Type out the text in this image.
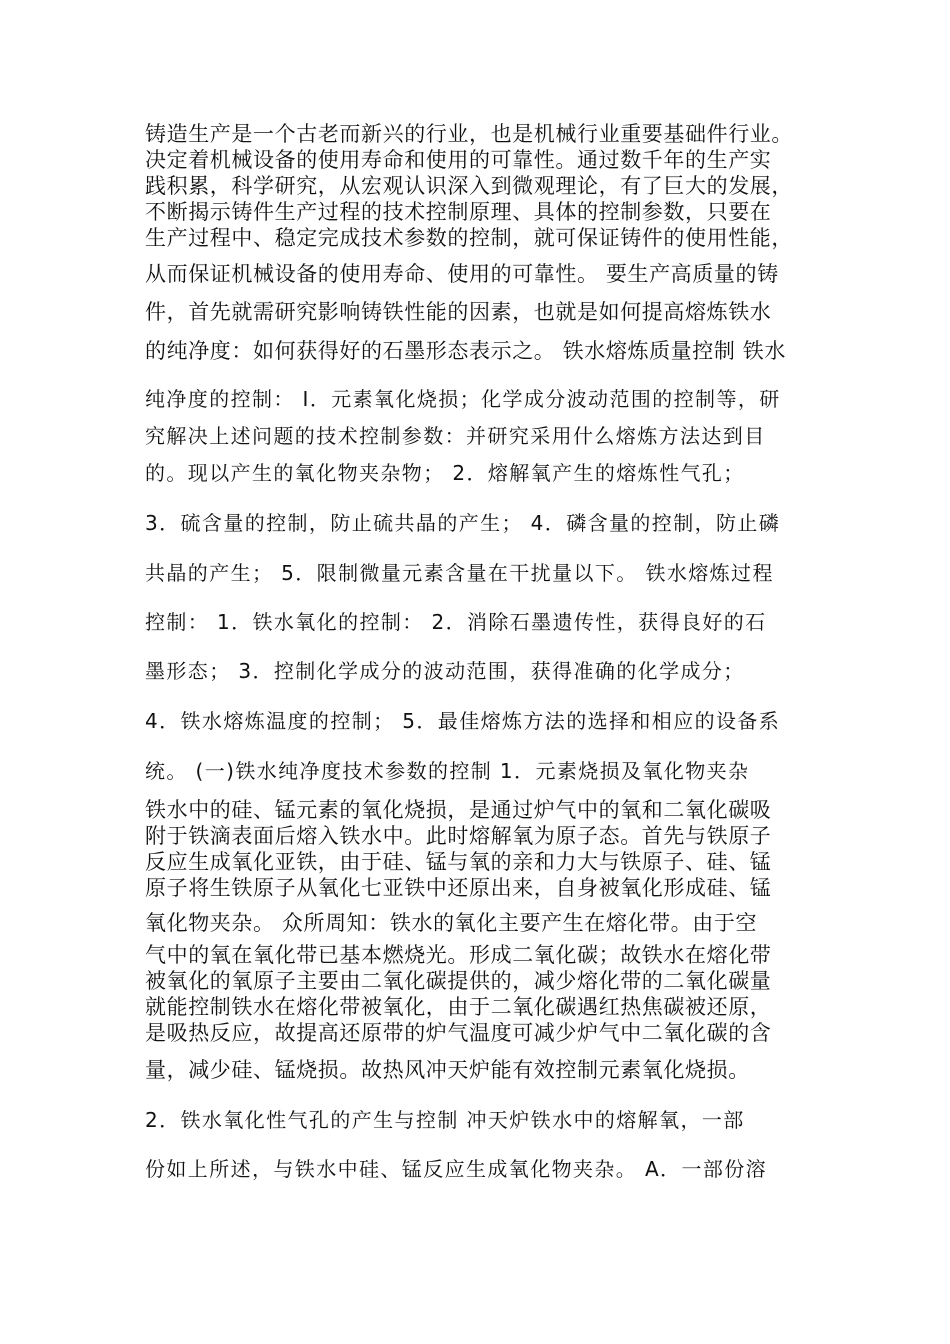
铸造生产是一个古老而新兴的行业，也是机械行业重要基础件行业。
决定着机械设备的使用寿命和使用的可靠性。通过数千年的生产实
践积累，科学研究，从宏观认识深入到微观理论，有了巨大的发展，
不断揭示铸件生产过程的技术控制原理、具体的控制参数，只要在
生产过程中、稳定完成技术参数的控制，就可保证铸件的使用性能，
从而保证机械设备的使用寿命、使用的可靠性。 要生产高质量的铸
件，首先就需研究影响铸铁性能的因素，也就是如何提高熔炼铁水
的纯净度：如何获得好的石墨形态表示之。 铁水熔炼质量控制 铁水
纯净度的控制： I．元素氧化烧损；化学成分波动范围的控制等，研
究解决上述问题的技术控制参数：并研究采用什么熔炼方法达到目
的。现以产生的氧化物夹杂物； 2．熔解氧产生的熔炼性气孔；
3．硫含量的控制，防止硫共晶的产生； 4．磷含量的控制，防止磷
共晶的产生； 5．限制微量元素含量在干扰量以下。 铁水熔炼过程
控制： 1．铁水氧化的控制： 2．消除石墨遗传性，获得良好的石
墨形态； 3．控制化学成分的波动范围，获得准确的化学成分；
4．铁水熔炼温度的控制； 5．最佳熔炼方法的选择和相应的设备系
统。 (一)铁水纯净度技术参数的控制 1．元素烧损及氧化物夹杂
铁水中的硅、锰元素的氧化烧损，是通过炉气中的氧和二氧化碳吸
附于铁滴表面后熔入铁水中。此时熔解氧为原子态。首先与铁原子
反应生成氧化亚铁，由于硅、锰与氧的亲和力大与铁原子、硅、锰
原子将生铁原子从氧化七亚铁中还原出来，自身被氧化形成硅、锰
氧化物夹杂。 众所周知：铁水的氧化主要产生在熔化带。由于空
气中的氧在氧化带已基本燃烧光。形成二氧化碳；故铁水在熔化带
被氧化的氧原子主要由二氧化碳提供的，减少熔化带的二氧化碳量
就能控制铁水在熔化带被氧化，由于二氧化碳遇红热焦碳被还原，
是吸热反应，故提高还原带的炉气温度可减少炉气中二氧化碳的含
量，减少硅、锰烧损。故热风冲天炉能有效控制元素氧化烧损。
2．铁水氧化性气孔的产生与控制 冲天炉铁水中的熔解氧，一部
份如上所述，与铁水中硅、锰反应生成氧化物夹杂。 A．一部份溶
